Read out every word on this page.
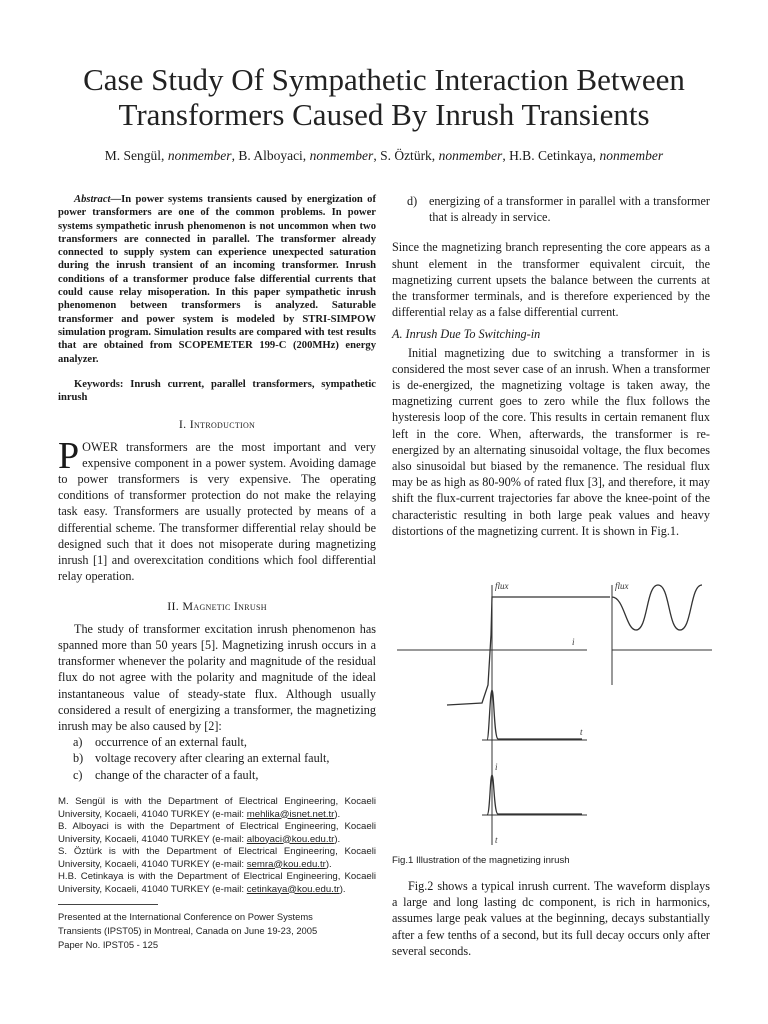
Case Study Of Sympathetic Interaction Between
Transformers Caused By Inrush Transients
M. Sengül, nonmember, B. Alboyaci, nonmember, S. Öztürk, nonmember, H.B. Cetinkaya, nonmember

Abstract—In power systems transients caused by energization of power transformers are one of the common problems. In power systems sympathetic inrush phenomenon is not uncommon when two transformers are connected in parallel. The transformer already connected to supply system can experience unexpected saturation during the inrush transient of an incoming transformer. Inrush conditions of a transformer produce false differential currents that could cause relay misoperation. In this paper sympathetic inrush phenomenon between transformers is analyzed. Saturable transformer and power system is modeled by STRI-SIMPOW simulation program. Simulation results are compared with test results that are obtained from SCOPEMETER 199-C (200MHz) energy analyzer.

Keywords: Inrush current, parallel transformers, sympathetic inrush

I. Introduction

POWER transformers are the most important and very expensive component in a power system. Avoiding damage to power transformers is very expensive. The operating conditions of transformer protection do not make the relaying task easy. Transformers are usually protected by means of a differential scheme. The transformer differential relay should be designed such that it does not misoperate during magnetizing inrush [1] and overexcitation conditions which fool differential relay operation.

II. Magnetic Inrush

The study of transformer excitation inrush phenomenon has spanned more than 50 years [5]. Magnetizing inrush occurs in a transformer whenever the polarity and magnitude of the residual flux do not agree with the polarity and magnitude of the ideal instantaneous value of steady-state flux. Although usually considered a result of energizing a transformer, the magnetizing inrush may be also caused by [2]:

a) occurrence of an external fault,
b) voltage recovery after clearing an external fault,
c) change of the character of a fault,

M. Sengül is with the Department of Electrical Engineering, Kocaeli University, Kocaeli, 41040 TURKEY (e-mail: mehlika@isnet.net.tr).

B. Alboyaci is with the Department of Electrical Engineering, Kocaeli University, Kocaeli, 41040 TURKEY (e-mail: alboyaci@kou.edu.tr).

S. Öztürk is with the Department of Electrical Engineering, Kocaeli University, Kocaeli, 41040 TURKEY (e-mail: semra@kou.edu.tr).

H.B. Cetinkaya is with the Department of Electrical Engineering, Kocaeli University, Kocaeli, 41040 TURKEY (e-mail: cetinkaya@kou.edu.tr).

Presented at the International Conference on Power Systems
Transients (IPST05) in Montreal, Canada on June 19-23, 2005
Paper No. IPST05 - 125
d) energizing of a transformer in parallel with a transformer that is already in service.

Since the magnetizing branch representing the core appears as a shunt element in the transformer equivalent circuit, the magnetizing current upsets the balance between the currents at the transformer terminals, and is therefore experienced by the differential relay as a false differential current.

A. Inrush Due To Switching-in

Initial magnetizing due to switching a transformer in is considered the most sever case of an inrush. When a transformer is de-energized, the magnetizing voltage is taken away, the magnetizing current goes to zero while the flux follows the hysteresis loop of the core. This results in certain remanent flux left in the core. When, afterwards, the transformer is re-energized by an alternating sinusoidal voltage, the flux becomes also sinusoidal but biased by the remanence. The residual flux may be as high as 80-90% of rated flux [3], and therefore, it may shift the flux-current trajectories far above the knee-point of the characteristic resulting in both large peak values and heavy distortions of the magnetizing current. It is shown in Fig.1.

flux	flux
i
t
i
t
Fig.1 Illustration of the magnetizing inrush

Fig.2 shows a typical inrush current. The waveform displays a large and long lasting dc component, is rich in harmonics, assumes large peak values at the beginning, decays substantially after a few tenths of a second, but its full decay occurs only after several seconds.
